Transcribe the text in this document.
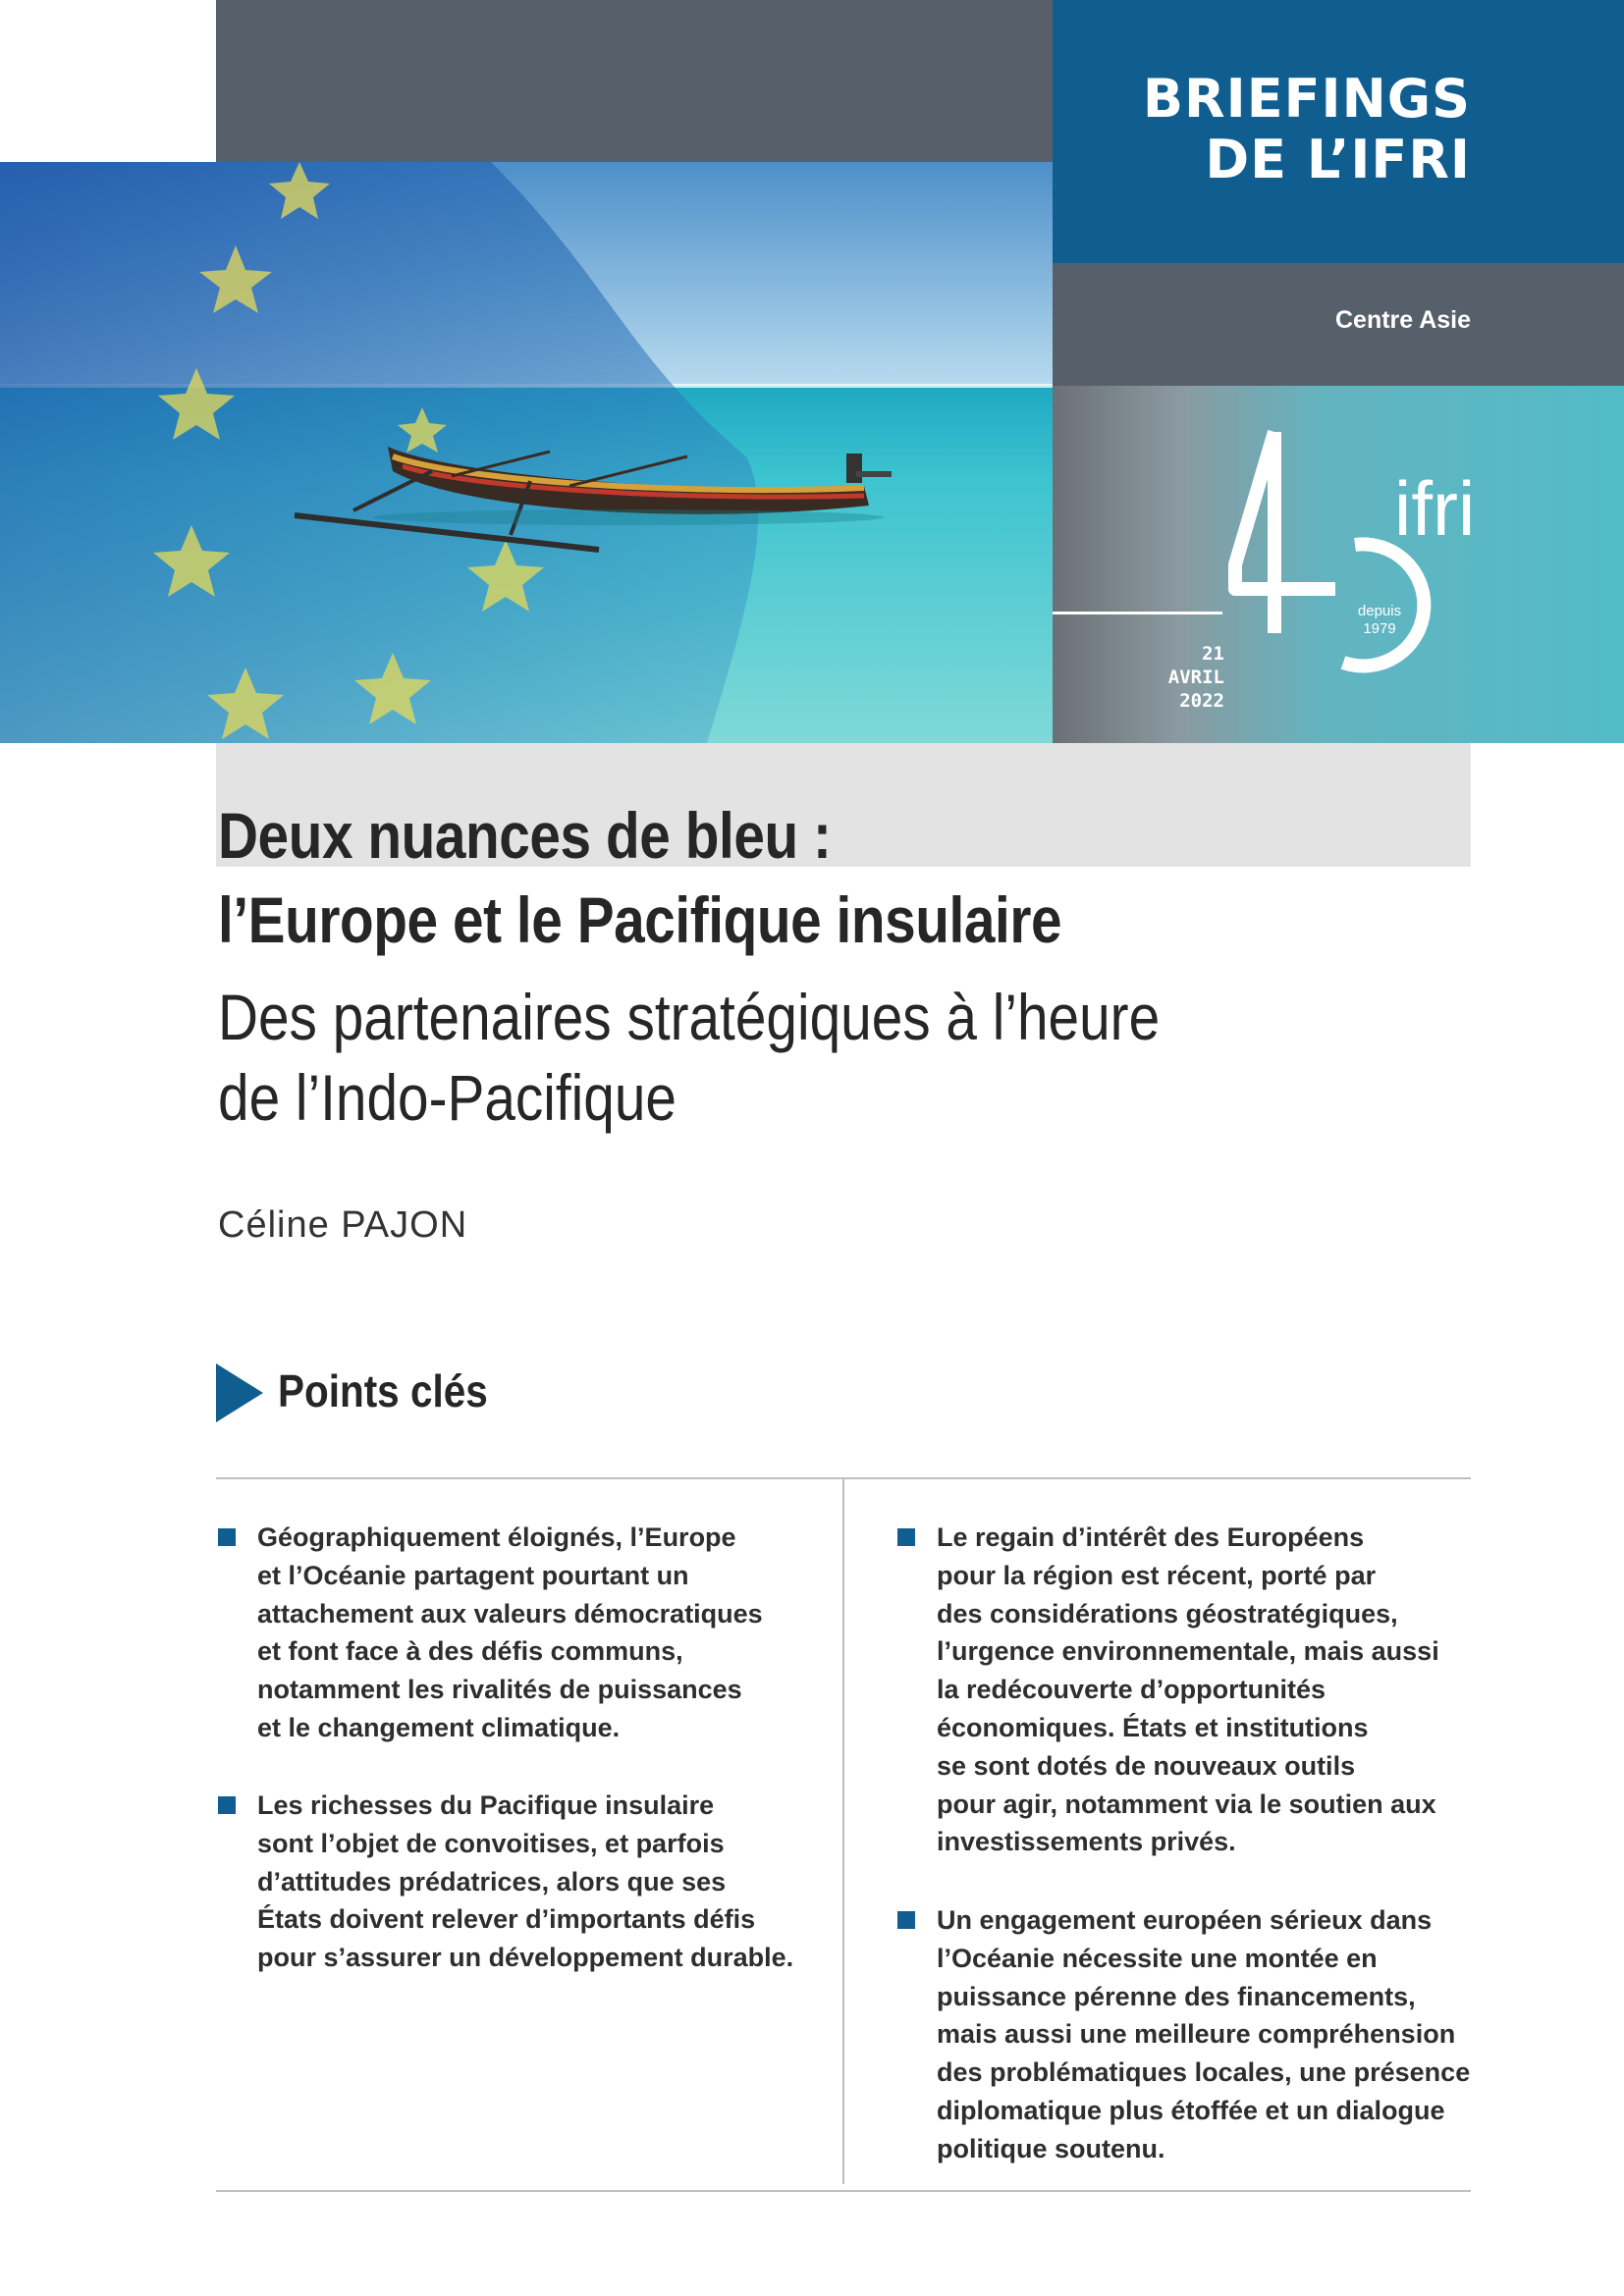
BRIEFINGS
DE L’IFRI
Centre Asie
21
AVRIL
2022
ifri
depuis
1979
Deux nuances de bleu :
l’Europe et le Pacifique insulaire
Des partenaires stratégiques à l’heure
de l’Indo-Pacifique
Céline PAJON
Points clés
Géographiquement éloignés, l’Europe
et l’Océanie partagent pourtant un
attachement aux valeurs démocratiques
et font face à des défis communs,
notamment les rivalités de puissances
et le changement climatique.
Les richesses du Pacifique insulaire
sont l’objet de convoitises, et parfois
d’attitudes prédatrices, alors que ses
États doivent relever d’importants défis
pour s’assurer un développement durable.
Le regain d’intérêt des Européens
pour la région est récent, porté par
des considérations géostratégiques,
l’urgence environnementale, mais aussi
la redécouverte d’opportunités
économiques. États et institutions
se sont dotés de nouveaux outils
pour agir, notamment via le soutien aux
investissements privés.
Un engagement européen sérieux dans
l’Océanie nécessite une montée en
puissance pérenne des financements,
mais aussi une meilleure compréhension
des problématiques locales, une présence
diplomatique plus étoffée et un dialogue
politique soutenu.
